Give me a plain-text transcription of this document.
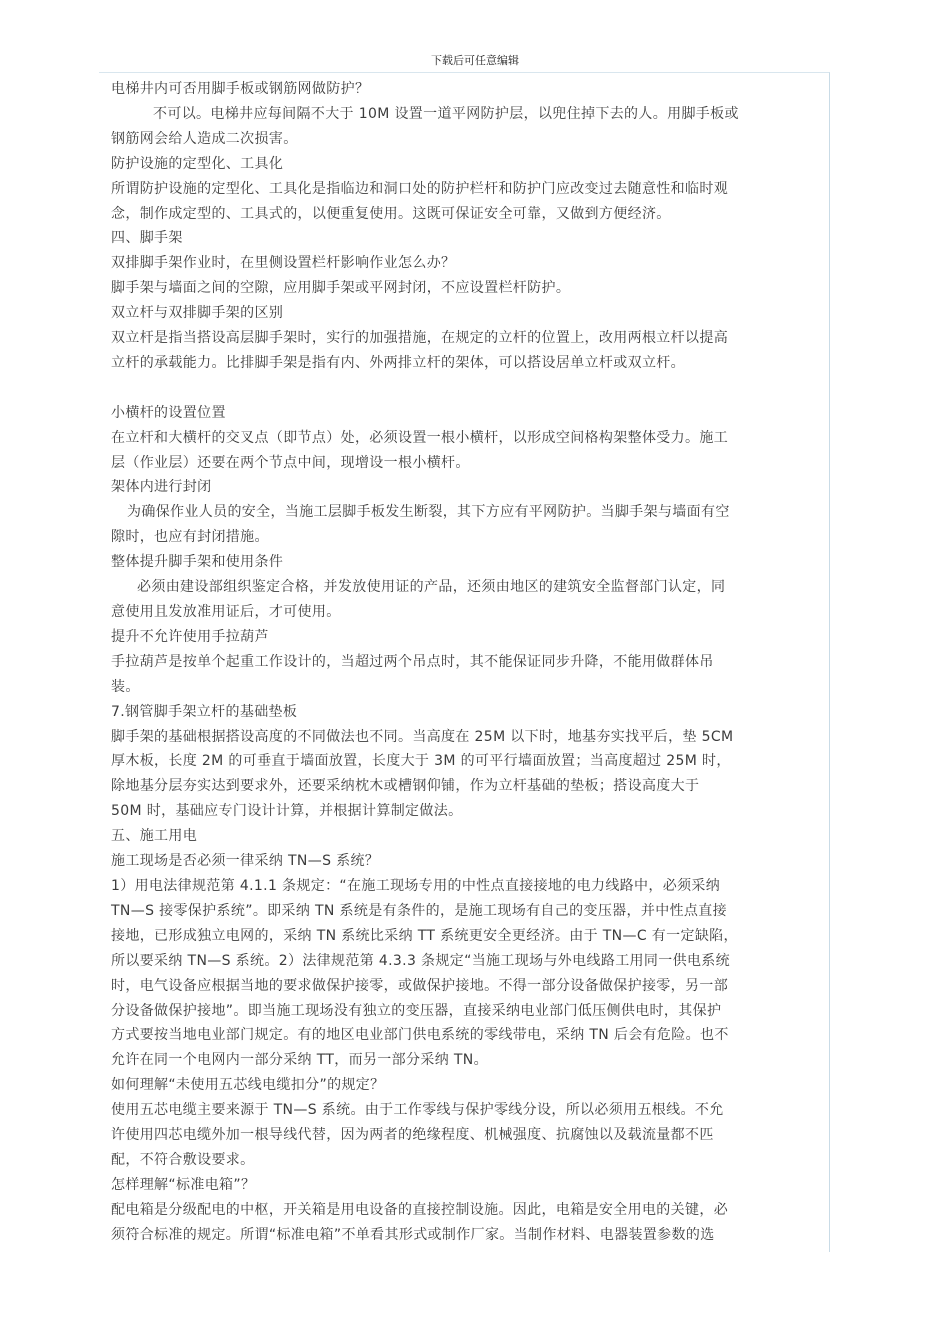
下载后可任意编辑
电梯井内可否用脚手板或钢筋网做防护？
不可以。电梯井应每间隔不大于 10M 设置一道平网防护层，以兜住掉下去的人。用脚手板或
钢筋网会给人造成二次损害。
防护设施的定型化、工具化
所谓防护设施的定型化、工具化是指临边和洞口处的防护栏杆和防护门应改变过去随意性和临时观
念，制作成定型的、工具式的，以便重复使用。这既可保证安全可靠，又做到方便经济。
四、脚手架
双排脚手架作业时，在里侧设置栏杆影响作业怎么办？
脚手架与墙面之间的空隙，应用脚手架或平网封闭，不应设置栏杆防护。
双立杆与双排脚手架的区别
双立杆是指当搭设高层脚手架时，实行的加强措施，在规定的立杆的位置上，改用两根立杆以提高
立杆的承载能力。比排脚手架是指有内、外两排立杆的架体，可以搭设居单立杆或双立杆。
小横杆的设置位置
在立杆和大横杆的交叉点（即节点）处，必须设置一根小横杆，以形成空间格构架整体受力。施工
层（作业层）还要在两个节点中间，现增设一根小横杆。
架体内进行封闭
为确保作业人员的安全，当施工层脚手板发生断裂，其下方应有平网防护。当脚手架与墙面有空
隙时，也应有封闭措施。
整体提升脚手架和使用条件
必须由建设部组织鉴定合格，并发放使用证的产品，还须由地区的建筑安全监督部门认定，同
意使用且发放准用证后，才可使用。
提升不允许使用手拉葫芦
手拉葫芦是按单个起重工作设计的，当超过两个吊点时，其不能保证同步升降，不能用做群体吊
装。
7.钢管脚手架立杆的基础垫板
脚手架的基础根据搭设高度的不同做法也不同。当高度在 25M 以下时，地基夯实找平后，垫 5CM
厚木板，长度 2M 的可垂直于墙面放置，长度大于 3M 的可平行墙面放置；当高度超过 25M 时，
除地基分层夯实达到要求外，还要采纳枕木或槽钢仰铺，作为立杆基础的垫板；搭设高度大于
50M 时，基础应专门设计计算，并根据计算制定做法。
五、施工用电
施工现场是否必须一律采纳 TN—S 系统？
1）用电法律规范第 4.1.1 条规定：“在施工现场专用的中性点直接接地的电力线路中，必须采纳
TN—S 接零保护系统”。即采纳 TN 系统是有条件的，是施工现场有自己的变压器，并中性点直接
接地，已形成独立电网的，采纳 TN 系统比采纳 TT 系统更安全更经济。由于 TN—C 有一定缺陷，
所以要采纳 TN—S 系统。2）法律规范第 4.3.3 条规定“当施工现场与外电线路工用同一供电系统
时，电气设备应根据当地的要求做保护接零，或做保护接地。不得一部分设备做保护接零，另一部
分设备做保护接地”。即当施工现场没有独立的变压器，直接采纳电业部门低压侧供电时，其保护
方式要按当地电业部门规定。有的地区电业部门供电系统的零线带电，采纳 TN 后会有危险。也不
允许在同一个电网内一部分采纳 TT，而另一部分采纳 TN。
如何理解“未使用五芯线电缆扣分”的规定？
使用五芯电缆主要来源于 TN—S 系统。由于工作零线与保护零线分设，所以必须用五根线。不允
许使用四芯电缆外加一根导线代替，因为两者的绝缘程度、机械强度、抗腐蚀以及载流量都不匹
配，不符合敷设要求。
怎样理解“标准电箱”？
配电箱是分级配电的中枢，开关箱是用电设备的直接控制设施。因此，电箱是安全用电的关键，必
须符合标准的规定。所谓“标准电箱”不单看其形式或制作厂家。当制作材料、电器装置参数的选
